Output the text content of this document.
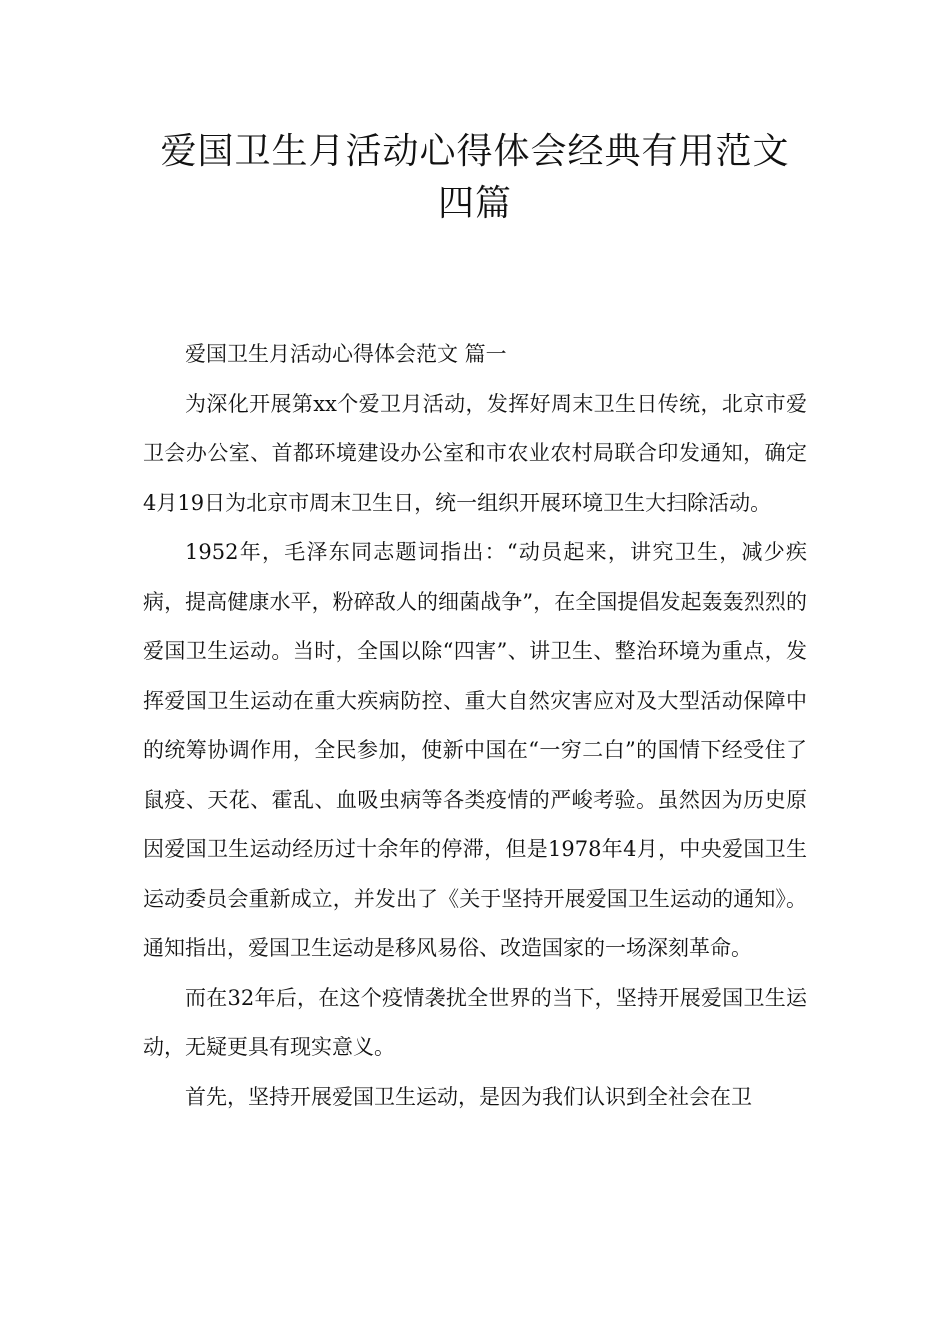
爱国卫生月活动心得体会经典有用范文
四篇

爱国卫生月活动心得体会范文 篇一

为深化开展第xx个爱卫月活动，发挥好周末卫生日传统，北京市爱卫会办公室、首都环境建设办公室和市农业农村局联合印发通知，确定4月19日为北京市周末卫生日，统一组织开展环境卫生大扫除活动。

1952年，毛泽东同志题词指出：“动员起来，讲究卫生，减少疾病，提高健康水平，粉碎敌人的细菌战争”，在全国提倡发起轰轰烈烈的爱国卫生运动。当时，全国以除“四害”、讲卫生、整治环境为重点，发挥爱国卫生运动在重大疾病防控、重大自然灾害应对及大型活动保障中的统筹协调作用，全民参加，使新中国在“一穷二白”的国情下经受住了鼠疫、天花、霍乱、血吸虫病等各类疫情的严峻考验。虽然因为历史原因爱国卫生运动经历过十余年的停滞，但是1978年4月，中央爱国卫生运动委员会重新成立，并发出了《关于坚持开展爱国卫生运动的通知》。通知指出，爱国卫生运动是移风易俗、改造国家的一场深刻革命。

而在32年后，在这个疫情袭扰全世界的当下，坚持开展爱国卫生运动，无疑更具有现实意义。

首先，坚持开展爱国卫生运动，是因为我们认识到全社会在卫
